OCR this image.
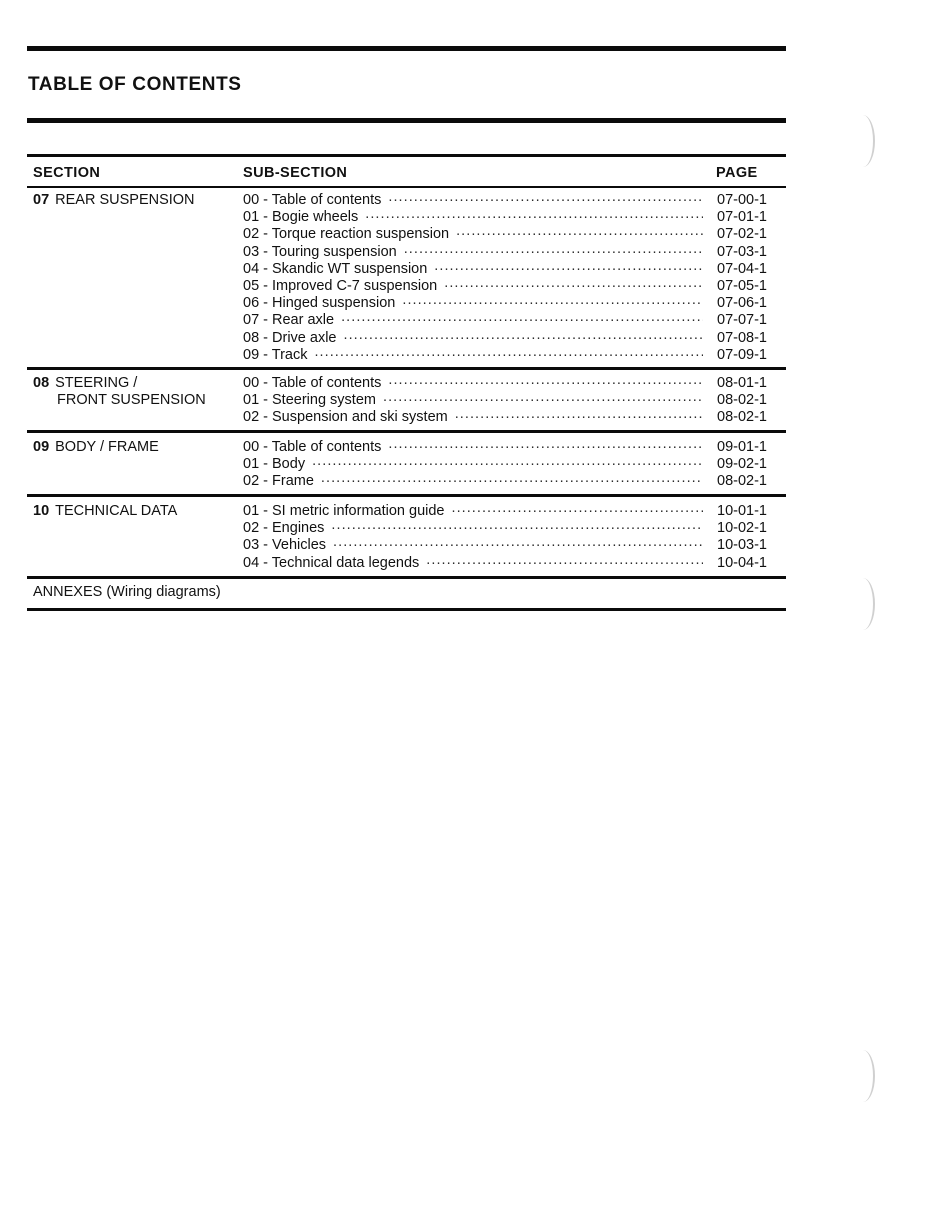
TABLE OF CONTENTS
SECTION	SUB-SECTION	PAGE
07 REAR SUSPENSION	00 - Table of contents .....	07-00-1
01 - Bogie wheels .....	07-01-1
02 - Torque reaction suspension .....	07-02-1
03 - Touring suspension .....	07-03-1
04 - Skandic WT suspension .....	07-04-1
05 - Improved C-7 suspension .....	07-05-1
06 - Hinged suspension .....	07-06-1
07 - Rear axle .....	07-07-1
08 - Drive axle .....	07-08-1
09 - Track .....	07-09-1
08 STEERING /
FRONT SUSPENSION
00 - Table of contents .....	08-01-1
01 - Steering system .....	08-02-1
02 - Suspension and ski system .....	08-02-1
09 BODY / FRAME	00 - Table of contents .....	09-01-1
01 - Body .....	09-02-1
02 - Frame .....	08-02-1
10 TECHNICAL DATA	01 - SI metric information guide .....	10-01-1
02 - Engines .....	10-02-1
03 - Vehicles .....	10-03-1
04 - Technical data legends .....	10-04-1
ANNEXES (Wiring diagrams)
